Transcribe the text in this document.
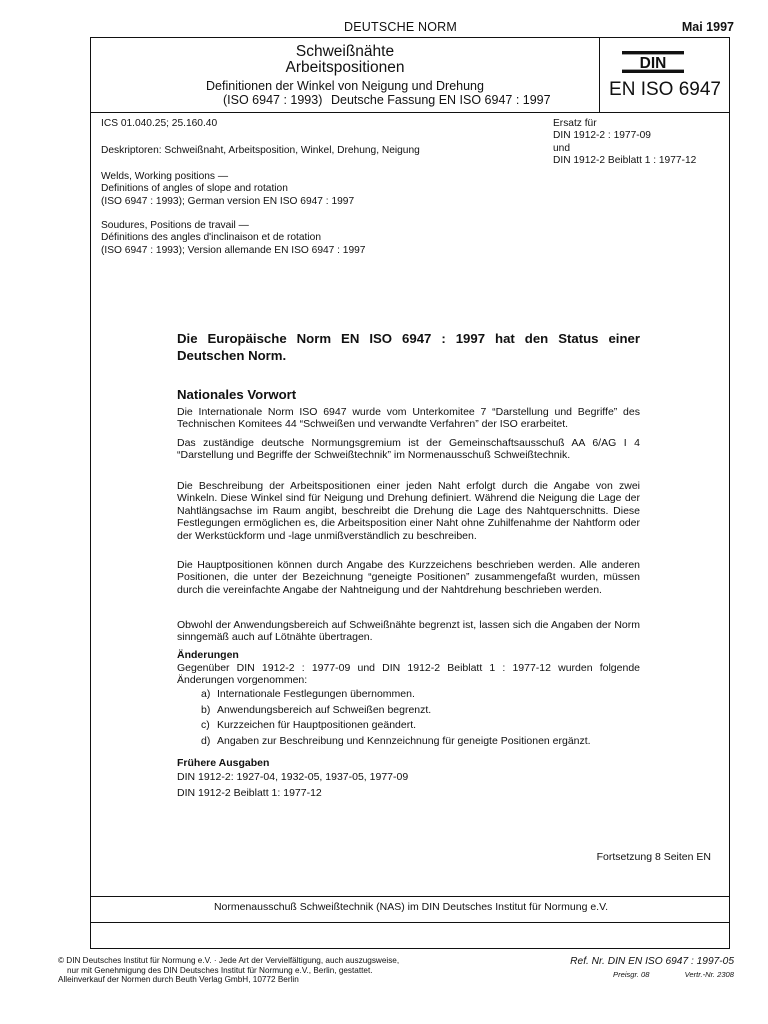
DEUTSCHE NORM	Mai 1997
Schweißnähte
Arbeitspositionen
Definitionen der Winkel von Neigung und Drehung
(ISO 6947 : 1993) Deutsche Fassung EN ISO 6947 : 1997
DIN
EN ISO 6947
ICS 01.040.25; 25.160.40
Deskriptoren: Schweißnaht, Arbeitsposition, Winkel, Drehung, Neigung
Ersatz für
DIN 1912-2 : 1977-09
und
DIN 1912-2 Beiblatt 1 : 1977-12
Welds, Working positions —
Definitions of angles of slope and rotation
(ISO 6947 : 1993); German version EN ISO 6947 : 1997
Soudures, Positions de travail —
Définitions des angles d'inclinaison et de rotation
(ISO 6947 : 1993); Version allemande EN ISO 6947 : 1997
Die Europäische Norm EN ISO 6947 : 1997 hat den Status einer Deutschen Norm.
Nationales Vorwort
Die Internationale Norm ISO 6947 wurde vom Unterkomitee 7 “Darstellung und Begriffe” des Technischen Komitees 44 “Schweißen und verwandte Verfahren” der ISO erarbeitet.
Das zuständige deutsche Normungsgremium ist der Gemeinschaftsausschuß AA 6/AG I 4 “Darstellung und Begriffe der Schweißtechnik” im Normenausschuß Schweißtechnik.
Die Beschreibung der Arbeitspositionen einer jeden Naht erfolgt durch die Angabe von zwei Winkeln. Diese Winkel sind für Neigung und Drehung definiert. Während die Neigung die Lage der Nahtlängsachse im Raum angibt, beschreibt die Drehung die Lage des Nahtquerschnitts. Diese Festlegungen ermöglichen es, die Arbeitsposition einer Naht ohne Zuhilfenahme der Nahtform oder der Werkstückform und -lage unmißverständlich zu beschreiben.
Die Hauptpositionen können durch Angabe des Kurzzeichens beschrieben werden. Alle anderen Positionen, die unter der Bezeichnung “geneigte Positionen” zusammengefaßt wurden, müssen durch die vereinfachte Angabe der Nahtneigung und der Nahtdrehung beschrieben werden.
Obwohl der Anwendungsbereich auf Schweißnähte begrenzt ist, lassen sich die Angaben der Norm sinngemäß auch auf Lötnähte übertragen.
Änderungen
Gegenüber DIN 1912-2 : 1977-09 und DIN 1912-2 Beiblatt 1 : 1977-12 wurden folgende Änderungen vorgenommen:
a) Internationale Festlegungen übernommen.
b) Anwendungsbereich auf Schweißen begrenzt.
c) Kurzzeichen für Hauptpositionen geändert.
d) Angaben zur Beschreibung und Kennzeichnung für geneigte Positionen ergänzt.
Frühere Ausgaben
DIN 1912-2: 1927-04, 1932-05, 1937-05, 1977-09
DIN 1912-2 Beiblatt 1: 1977-12
Fortsetzung 8 Seiten EN
Normenausschuß Schweißtechnik (NAS) im DIN Deutsches Institut für Normung e.V.
© DIN Deutsches Institut für Normung e.V. · Jede Art der Vervielfältigung, auch auszugsweise,
nur mit Genehmigung des DIN Deutsches Institut für Normung e.V., Berlin, gestattet.
Alleinverkauf der Normen durch Beuth Verlag GmbH, 10772 Berlin
Ref. Nr. DIN EN ISO 6947 : 1997-05
Preisgr. 08	Vertr.-Nr. 2308
